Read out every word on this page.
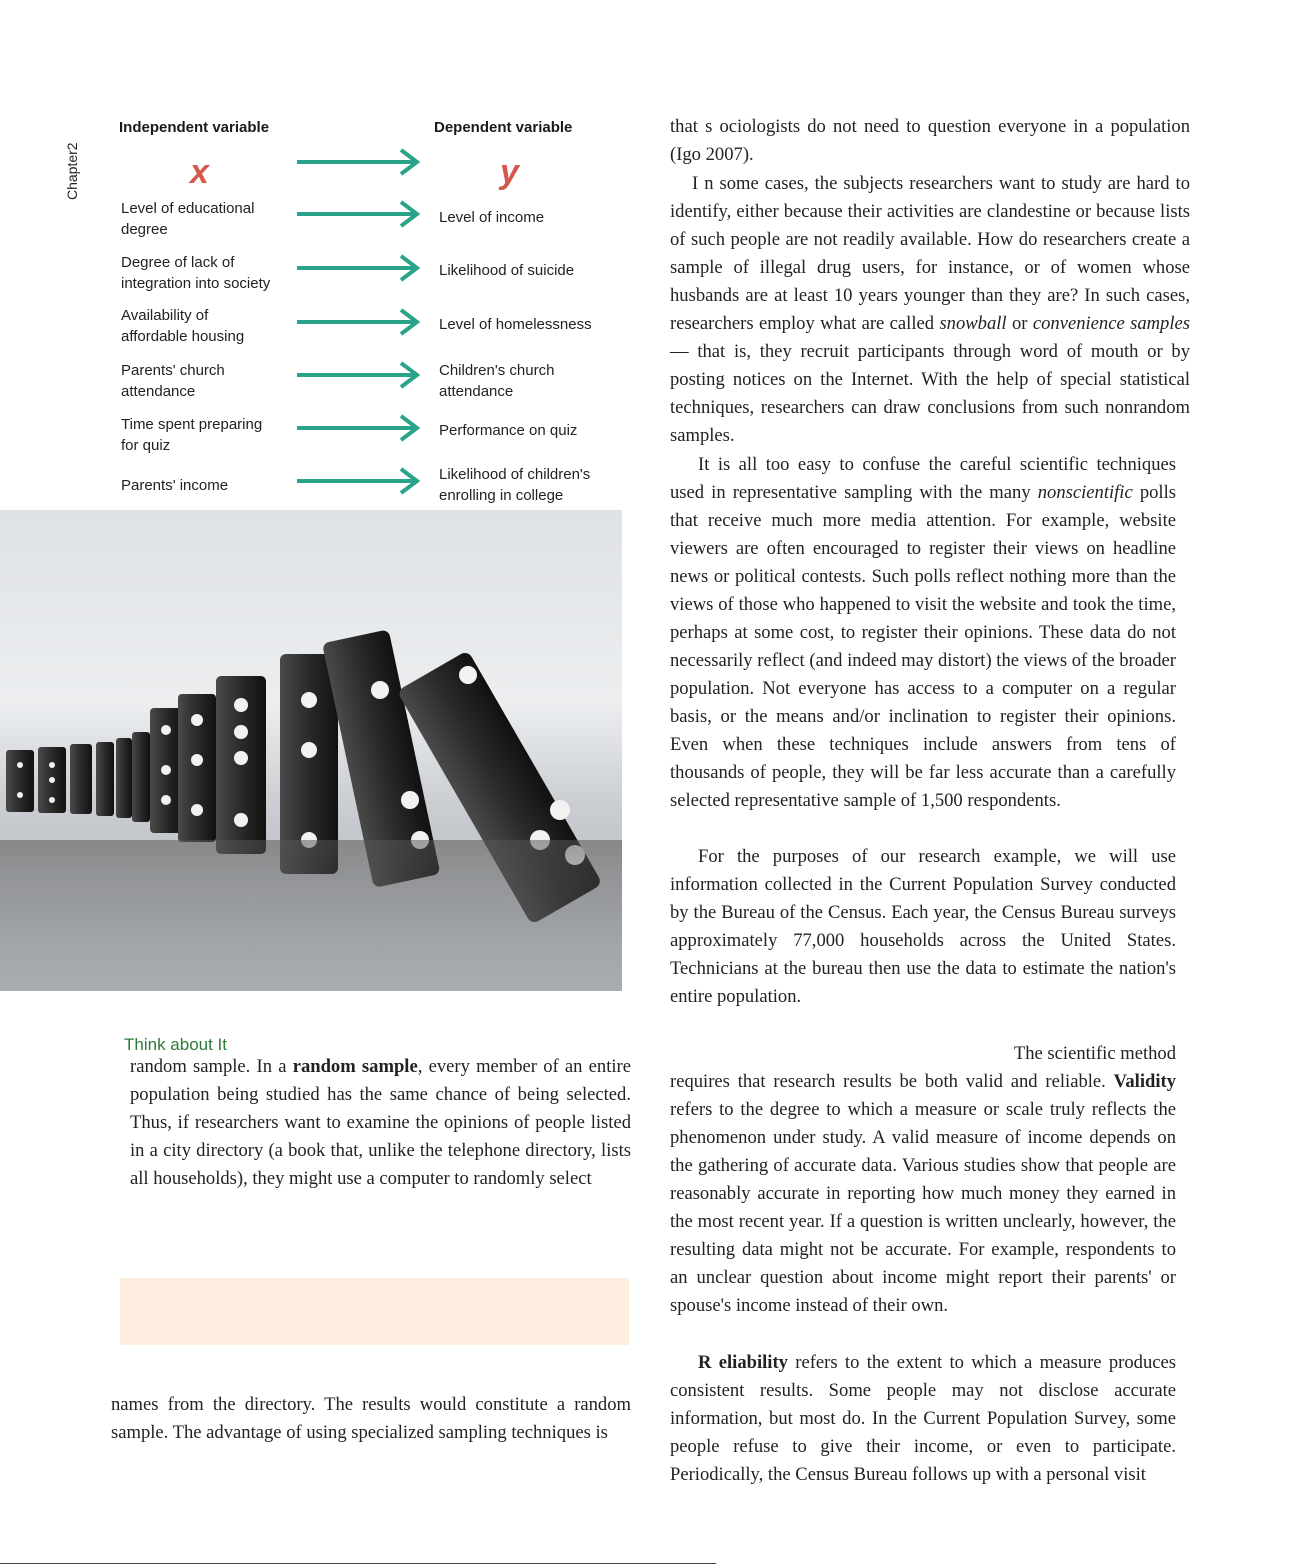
Chapter2
Independent variable	Dependent variable
x	y
Level of educational degree
Level of income
Degree of lack of integration into society
Likelihood of suicide
Availability of affordable housing
Level of homelessness
Parents' church attendance
Children's church attendance
Time spent preparing for quiz
Performance on quiz
Parents' income
Likelihood of children's enrolling in college
Think about It

random sample. In a random sample, every member of an entire population being studied has the same chance of being selected. Thus, if researchers want to examine the opinions of people listed in a city directory (a book that, unlike the telephone directory, lists all households), they might use a computer to randomly select

names from the directory. The results would constitute a random sample. The advantage of using specialized sampling techniques is

that s ociologists do not need to question everyone in a population (Igo 2007).

I n some cases, the subjects researchers want to study are hard to identify, either because their activities are clandestine or because lists of such people are not readily available. How do researchers create a sample of illegal drug users, for instance, or of women whose husbands are at least 10 years younger than they are? In such cases, researchers employ what are called snowball or convenience samples— that is, they recruit participants through word of mouth or by posting notices on the Internet. With the help of special statistical techniques, researchers can draw conclusions from such nonrandom samples.

It is all too easy to confuse the careful scientific techniques used in representative sampling with the many nonscientific polls that receive much more media attention. For example, website viewers are often encouraged to register their views on headline news or political contests. Such polls reflect nothing more than the views of those who happened to visit the website and took the time, perhaps at some cost, to register their opinions. These data do not necessarily reflect (and indeed may distort) the views of the broader population. Not everyone has access to a computer on a regular basis, or the means and/or inclination to register their opinions. Even when these techniques include answers from tens of thousands of people, they will be far less accurate than a carefully selected representative sample of 1,500 respondents.

For the purposes of our research example, we will use information collected in the Current Population Survey conducted by the Bureau of the Census. Each year, the Census Bureau surveys approximately 77,000 households across the United States. Technicians at the bureau then use the data to estimate the nation's entire population.

The scientific method
requires that research results be both valid and reliable. Validity refers to the degree to which a measure or scale truly reflects the phenomenon under study. A valid measure of income depends on the gathering of accurate data. Various studies show that people are reasonably accurate in reporting how much money they earned in the most recent year. If a question is written unclearly, however, the resulting data might not be accurate. For example, respondents to an unclear question about income might report their parents' or spouse's income instead of their own.

R eliability refers to the extent to which a measure produces consistent results. Some people may not disclose accurate information, but most do. In the Current Population Survey, some people refuse to give their income, or even to participate. Periodically, the Census Bureau follows up with a personal visit
